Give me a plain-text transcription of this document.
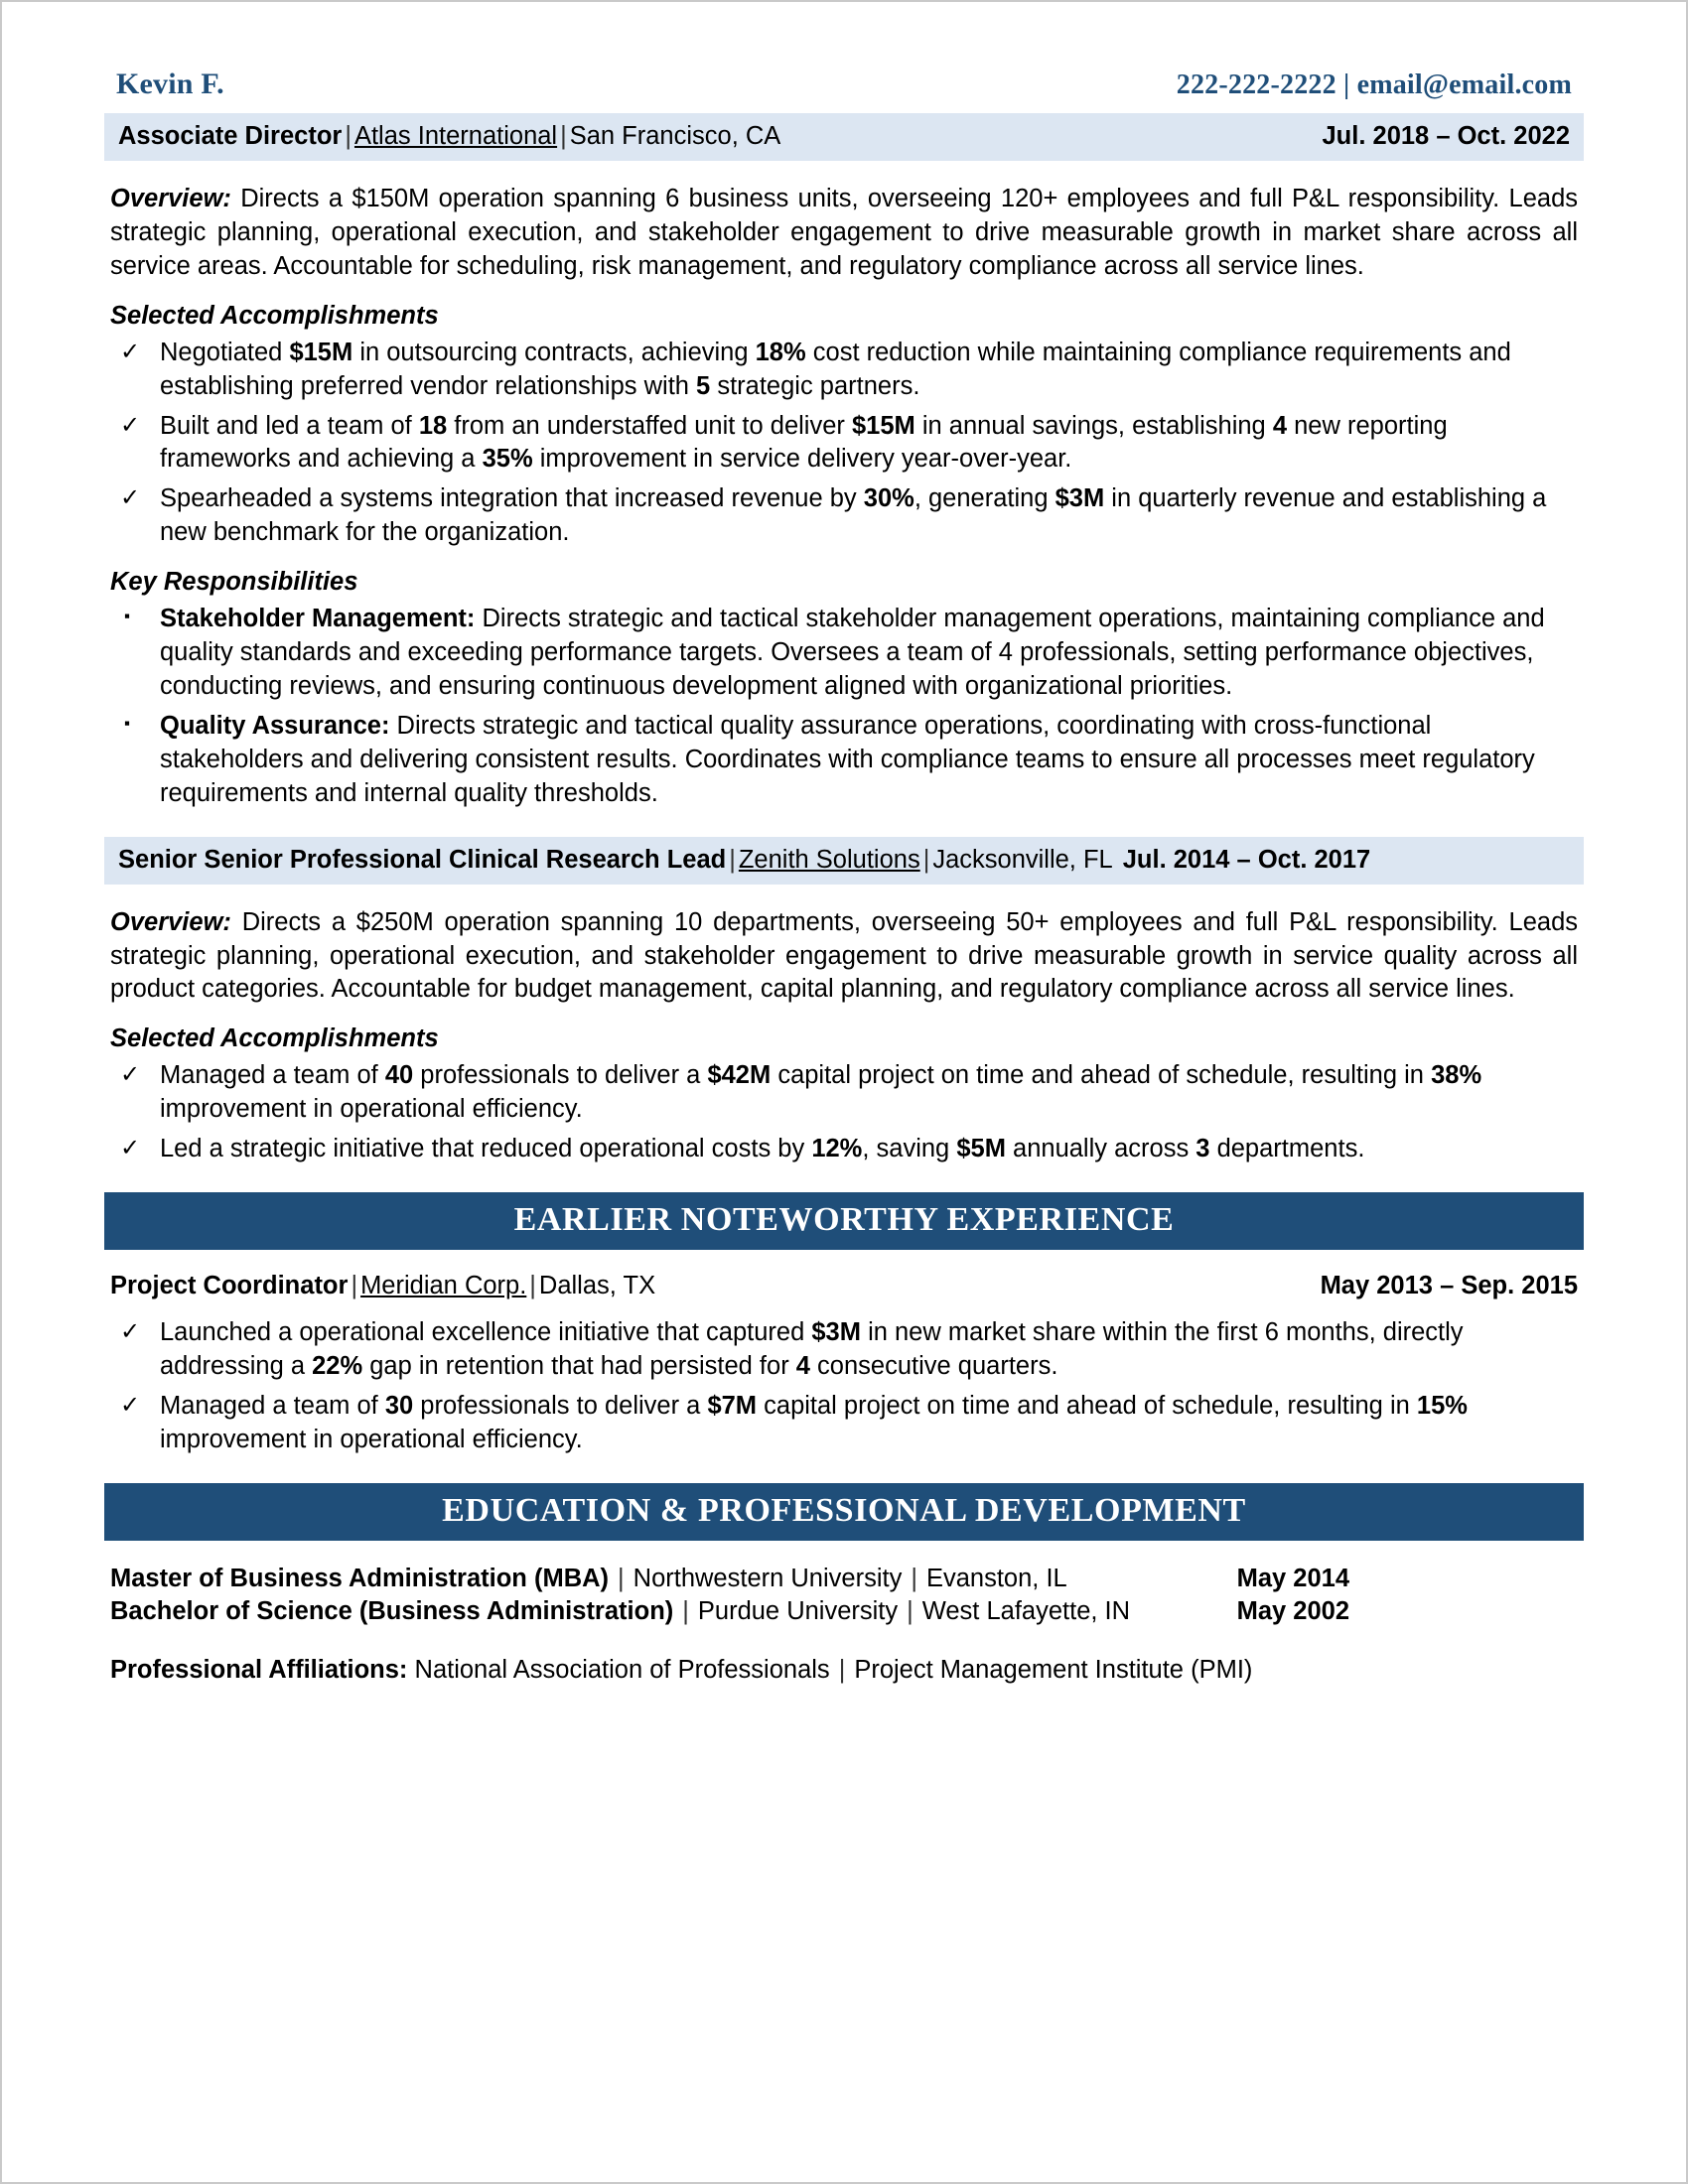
Kevin F.	222-222-2222 | email@email.com
Associate Director | Atlas International | San Francisco, CA	Jul. 2018 – Oct. 2022

Overview: Directs a $150M operation spanning 6 business units, overseeing 120+ employees and full P&L responsibility. Leads strategic planning, operational execution, and stakeholder engagement to drive measurable growth in market share across all service areas. Accountable for scheduling, risk management, and regulatory compliance across all service lines.

Selected Accomplishments
✓ Negotiated $15M in outsourcing contracts, achieving 18% cost reduction while maintaining compliance requirements and establishing preferred vendor relationships with 5 strategic partners.
✓ Built and led a team of 18 from an understaffed unit to deliver $15M in annual savings, establishing 4 new reporting frameworks and achieving a 35% improvement in service delivery year-over-year.
✓ Spearheaded a systems integration that increased revenue by 30%, generating $3M in quarterly revenue and establishing a new benchmark for the organization.
Key Responsibilities
▪ Stakeholder Management: Directs strategic and tactical stakeholder management operations, maintaining compliance and quality standards and exceeding performance targets. Oversees a team of 4 professionals, setting performance objectives, conducting reviews, and ensuring continuous development aligned with organizational priorities.
▪ Quality Assurance: Directs strategic and tactical quality assurance operations, coordinating with cross-functional stakeholders and delivering consistent results. Coordinates with compliance teams to ensure all processes meet regulatory requirements and internal quality thresholds.
Senior Senior Professional Clinical Research Lead | Zenith Solutions | Jacksonville, FL Jul. 2014 – Oct. 2017

Overview: Directs a $250M operation spanning 10 departments, overseeing 50+ employees and full P&L responsibility. Leads strategic planning, operational execution, and stakeholder engagement to drive measurable growth in service quality across all product categories. Accountable for budget management, capital planning, and regulatory compliance across all service lines.

Selected Accomplishments
✓ Managed a team of 40 professionals to deliver a $42M capital project on time and ahead of schedule, resulting in 38% improvement in operational efficiency.
✓ Led a strategic initiative that reduced operational costs by 12%, saving $5M annually across 3 departments.
EARLIER NOTEWORTHY EXPERIENCE
Project Coordinator | Meridian Corp. | Dallas, TX	May 2013 – Sep. 2015
✓ Launched a operational excellence initiative that captured $3M in new market share within the first 6 months, directly addressing a 22% gap in retention that had persisted for 4 consecutive quarters.
✓ Managed a team of 30 professionals to deliver a $7M capital project on time and ahead of schedule, resulting in 15% improvement in operational efficiency.
EDUCATION & PROFESSIONAL DEVELOPMENT
Master of Business Administration (MBA) | Northwestern University | Evanston, IL	May 2014
Bachelor of Science (Business Administration) | Purdue University | West Lafayette, IN	May 2002
Professional Affiliations: National Association of Professionals | Project Management Institute (PMI)
